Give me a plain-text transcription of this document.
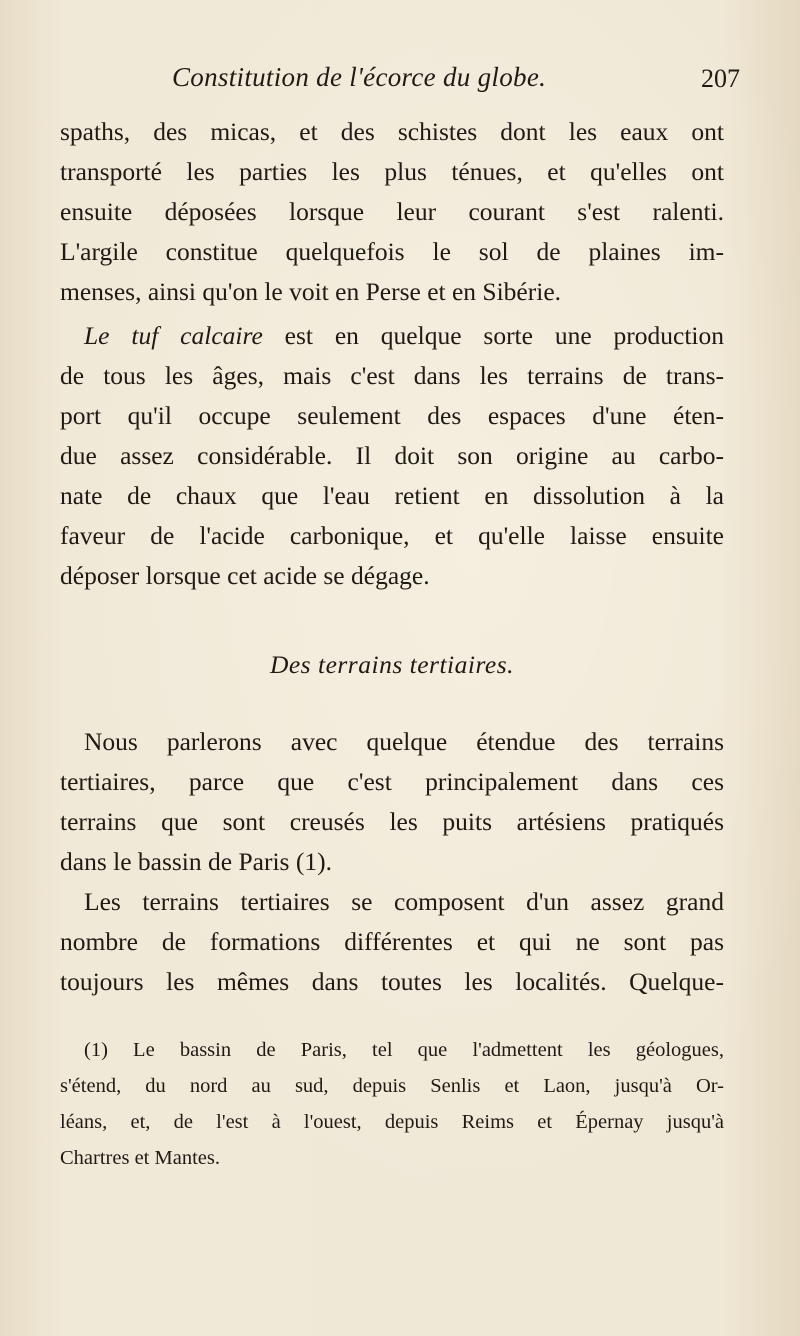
Constitution de l'écorce du globe.	207
spaths, des micas, et des schistes dont les eaux ont
transporté les parties les plus ténues, et qu'elles ont
ensuite déposées lorsque leur courant s'est ralenti.
L'argile constitue quelquefois le sol de plaines im-
menses, ainsi qu'on le voit en Perse et en Sibérie.
Le tuf calcaire est en quelque sorte une production
de tous les âges, mais c'est dans les terrains de trans-
port qu'il occupe seulement des espaces d'une éten-
due assez considérable. Il doit son origine au carbo-
nate de chaux que l'eau retient en dissolution à la
faveur de l'acide carbonique, et qu'elle laisse ensuite
déposer lorsque cet acide se dégage.
Des terrains tertiaires.
Nous parlerons avec quelque étendue des terrains
tertiaires, parce que c'est principalement dans ces
terrains que sont creusés les puits artésiens pratiqués
dans le bassin de Paris (1).
Les terrains tertiaires se composent d'un assez grand
nombre de formations différentes et qui ne sont pas
toujours les mêmes dans toutes les localités. Quelque-
(1) Le bassin de Paris, tel que l'admettent les géologues,
s'étend, du nord au sud, depuis Senlis et Laon, jusqu'à Or-
léans, et, de l'est à l'ouest, depuis Reims et Épernay jusqu'à
Chartres et Mantes.
